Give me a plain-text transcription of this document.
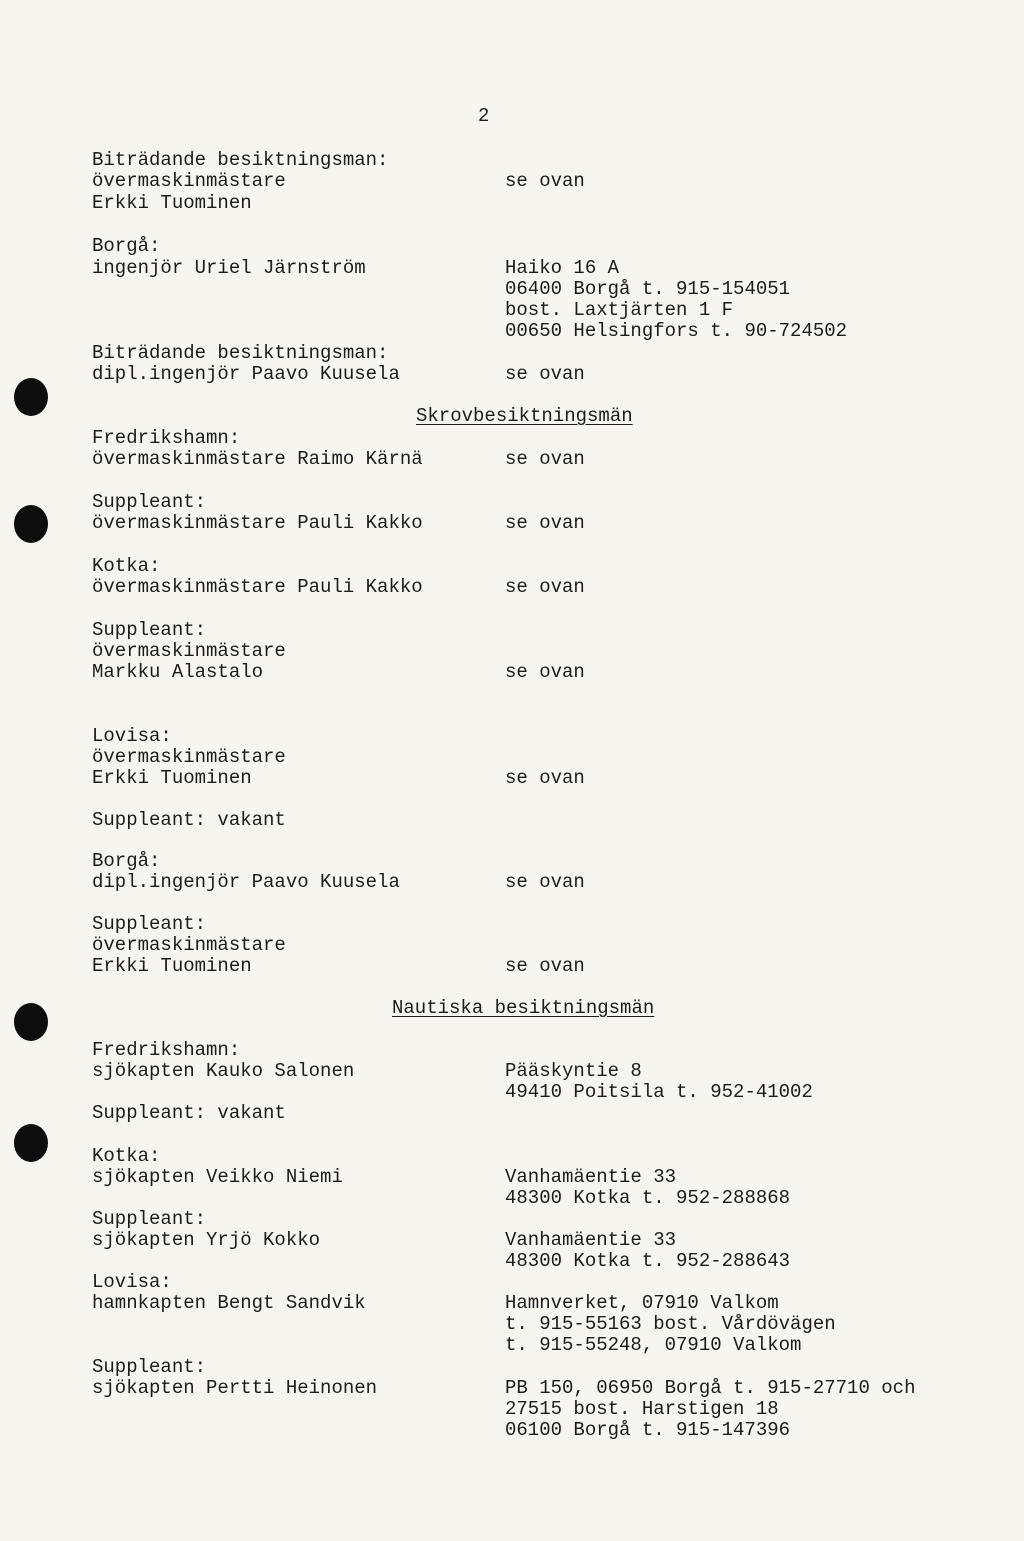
2
Biträdande besiktningsman:
övermaskinmästare	se ovan
Erkki Tuominen
Borgå:
ingenjör Uriel Järnström	Haiko 16 A
06400 Borgå t. 915-154051
bost. Laxtjärten 1 F
00650 Helsingfors t. 90-724502
Biträdande besiktningsman:
dipl.ingenjör Paavo Kuusela	se ovan
Skrovbesiktningsmän
Fredrikshamn:
övermaskinmästare Raimo Kärnä	se ovan
Suppleant:
övermaskinmästare Pauli Kakko	se ovan
Kotka:
övermaskinmästare Pauli Kakko	se ovan
Suppleant:
övermaskinmästare
Markku Alastalo	se ovan
Lovisa:
övermaskinmästare
Erkki Tuominen	se ovan
Suppleant: vakant
Borgå:
dipl.ingenjör Paavo Kuusela	se ovan
Suppleant:
övermaskinmästare
Erkki Tuominen	se ovan
Nautiska besiktningsmän
Fredrikshamn:
sjökapten Kauko Salonen	Pääskyntie 8
49410 Poitsila t. 952-41002
Suppleant: vakant
Kotka:
sjökapten Veikko Niemi	Vanhamäentie 33
48300 Kotka t. 952-288868
Suppleant:
sjökapten Yrjö Kokko	Vanhamäentie 33
48300 Kotka t. 952-288643
Lovisa:
hamnkapten Bengt Sandvik	Hamnverket, 07910 Valkom
t. 915-55163 bost. Vårdövägen
t. 915-55248, 07910 Valkom
Suppleant:
sjökapten Pertti Heinonen	PB 150, 06950 Borgå t. 915-27710 och
27515 bost. Harstigen 18
06100 Borgå t. 915-147396
